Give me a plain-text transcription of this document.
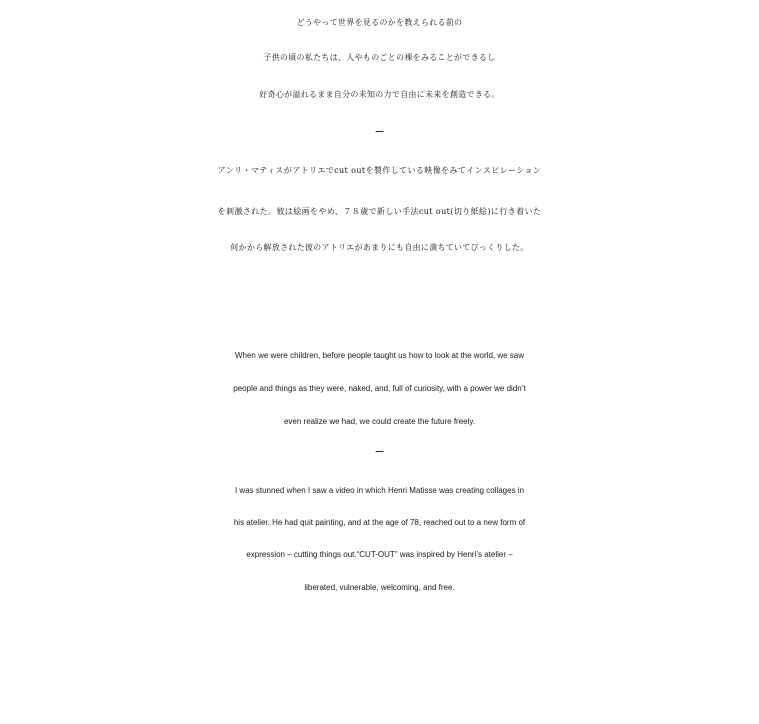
どうやって世界を見るのかを教えられる前の
子供の頃の私たちは、人やものごとの裸をみることができるし
好奇心が溢れるまま自分の未知の力で自由に未来を創造できる。
–
アンリ・マティスがアトリエでcut outを製作している映像をみてインスピレーション
を刺激された。彼は絵画をやめ、７８歳で新しい手法cut out(切り紙絵)に行き着いた
何かから解放された彼のアトリエがあまりにも自由に満ちていてびっくりした。
When we were children, before people taught us how to look at the world, we saw
people and things as they were, naked, and, full of curiosity, with a power we didn’t
even realize we had, we could create the future freely.
–
I was stunned when I saw a video in which Henri Matisse was creating collages in
his atelier. He had quit painting, and at the age of 78, reached out to a new form of
expression – cutting things out.“CUT-OUT" was inspired by Henri’s atelier –
liberated, vulnerable, welcoming, and free.
